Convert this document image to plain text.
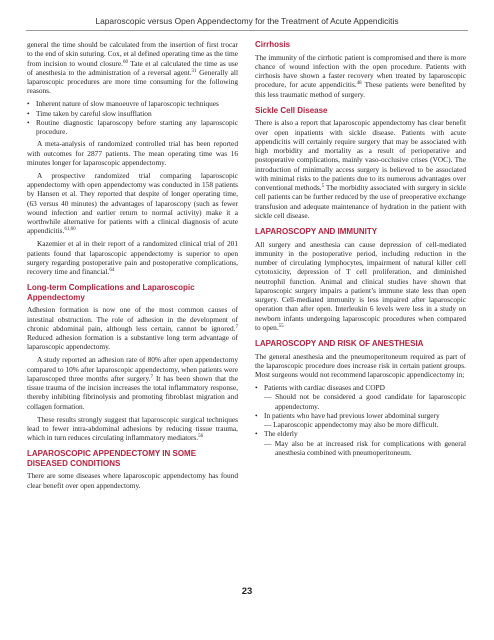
Laparoscopic versus Open Appendectomy for the Treatment of Acute Appendicitis

general the time should be calculated from the insertion of first trocar to the end of skin suturing. Cox, et al defined operating time as the time from incision to wound closure.$^{60}$ Tate et al calculated the time as use of anesthesia to the administration of a reversal agent.$^{31}$ Generally all laparoscopic procedures are more time consuming for the following reasons.

• Inherent nature of slow manoeuvre of laparoscopic techniques
• Time taken by careful slow insufflation
• Routine diagnostic laparoscopy before starting any laparoscopic procedure.

A meta-analysis of randomized controlled trial has been reported with outcomes for 2877 patients. The mean operating time was 16 minutes longer for laparoscopic appendectomy.

A prospective randomized trial comparing laparoscopic appendectomy with open appendectomy was conducted in 158 patients by Hansen et al. They reported that despite of longer operating time, (63 versus 40 minutes) the advantages of laparoscopy (such as fewer wound infection and earlier return to normal activity) make it a worthwhile alternative for patients with a clinical diagnosis of acute appendicitis.$^{61,60}$

Kazemier et al in their report of a randomized clinical trial of 201 patients found that laparoscopic appendectomy is superior to open surgery regarding postoperative pain and postoperative complications, recovery time and financial.$^{64}$

Long-term Complications and Laparoscopic Appendectomy

Adhesion formation is now one of the most common causes of intestinal obstruction. The role of adhesion in the development of chronic abdominal pain, although less certain, cannot be ignored.$^7$ Reduced adhesion formation is a substantive long term advantage of laparoscopic appendectomy.

A study reported an adhesion rate of 80% after open appendectomy compared to 10% after laparoscopic appendectomy, when patients were laparoscoped three months after surgery.$^7$ It has been shown that the tissue trauma of the incision increases the total inflammatory response, thereby inhibiting fibrinolysis and promoting fibroblast migration and collagen formation.

These results strongly suggest that laparoscopic surgical techniques lead to fewer intra-abdominal adhesions by reducing tissue trauma, which in turn reduces circulating inflammatory mediators.$^{56}$

LAPAROSCOPIC APPENDECTOMY IN SOME DISEASED CONDITIONS

There are some diseases where laparoscopic appendectomy has found clear benefit over open appendectomy.

Cirrhosis

The immunity of the cirrhotic patient is compromised and there is more chance of wound infection with the open procedure. Patients with cirrhosis have shown a faster recovery when treated by laparoscopic procedure, for acute appendicitis.$^{48}$ These patients were benefited by this less traumatic method of surgery.

Sickle Cell Disease

There is also a report that laparoscopic appendectomy has clear benefit over open inpatients with sickle disease. Patients with acute appendicitis will certainly require surgery that may be associated with high morbidity and mortality as a result of perioperative and postoperative complications, mainly vaso-occlusive crises (VOC). The introduction of minimally access surgery is believed to be associated with minimal risks to the patients due to its numerous advantages over conventional methods.$^5$ The morbidity associated with surgery in sickle cell patients can be further reduced by the use of preoperative exchange transfusion and adequate maintenance of hydration in the patient with sickle cell disease.

LAPAROSCOPY AND IMMUNITY

All surgery and anesthesia can cause depression of cell-mediated immunity in the postoperative period, including reduction in the number of circulating lymphocytes, impairment of natural killer cell cytotoxicity, depression of T cell proliferation, and diminished neutrophil function. Animal and clinical studies have shown that laparoscopic surgery impairs a patient’s immune state less than open surgery. Cell-mediated immunity is less impaired after laparoscopic operation than after open. Interleukin 6 levels were less in a study on newborn infants undergoing laparoscopic procedures when compared to open.$^{55}$

LAPAROSCOPY AND RISK OF ANESTHESIA

The general anesthesia and the pneumoperitoneum required as part of the laparoscopic procedure does increase risk in certain patient groups. Most surgeons would not recommend laparoscopic appendicectomy in;

• Patients with cardiac diseases and COPD
— Should not be considered a good candidate for laparoscopic appendectomy.
• In patients who have had previous lower abdominal surgery
— Laparoscopic appendectomy may also be more difficult.
• The elderly
— May also be at increased risk for complications with general anesthesia combined with pneumoperitoneum.
23
